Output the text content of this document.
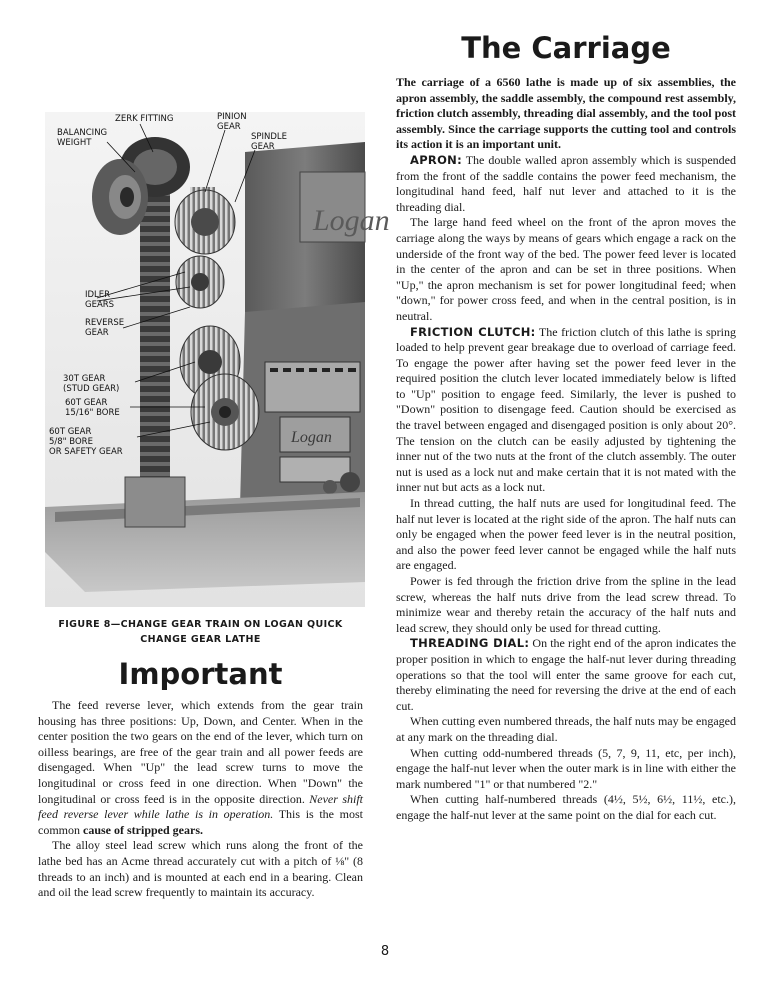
Logan
Logan
ZERK FITTING
BALANCING
WEIGHT
PINION
GEAR
SPINDLE
GEAR
IDLER
GEARS
REVERSE
GEAR
30T GEAR
(STUD GEAR)
60T GEAR
15/16" BORE
60T GEAR
5/8" BORE
OR SAFETY GEAR
FIGURE 8—CHANGE GEAR TRAIN ON LOGAN QUICK CHANGE GEAR LATHE
Important

The feed reverse lever, which extends from the gear train housing has three positions: Up, Down, and Center. When in the center position the two gears on the end of the lever, which turn on oilless bearings, are free of the gear train and all power feeds are disengaged. When "Up" the lead screw turns to move the longitudinal or cross feed in one direction. When "Down" the longitudinal or cross feed is in the opposite direction. Never shift feed reverse lever while lathe is in operation. This is the most common cause of stripped gears.

The alloy steel lead screw which runs along the front of the lathe bed has an Acme thread accurately cut with a pitch of ⅛" (8 threads to an inch) and is mounted at each end in a bearing. Clean and oil the lead screw frequently to maintain its accuracy.

The Carriage

The carriage of a 6560 lathe is made up of six assemblies, the apron assembly, the saddle assembly, the compound rest assembly, friction clutch assembly, threading dial assembly, and the tool post assembly. Since the carriage supports the cutting tool and controls its action it is an important unit.

APRON: The double walled apron assembly which is suspended from the front of the saddle contains the power feed mechanism, the longitudinal hand feed, half nut lever and attached to it is the threading dial.

The large hand feed wheel on the front of the apron moves the carriage along the ways by means of gears which engage a rack on the underside of the front way of the bed. The power feed lever is located in the center of the apron and can be set in three positions. When "Up," the apron mechanism is set for power longitudinal feed; when "down," for power cross feed, and when in the central position, is in neutral.

FRICTION CLUTCH: The friction clutch of this lathe is spring loaded to help prevent gear breakage due to overload of carriage feed. To engage the power after having set the power feed lever in the required position the clutch lever located immediately below is lifted to "Up" position to engage feed. Similarly, the lever is pushed to "Down" position to disengage feed. Caution should be exercised as the travel between engaged and disengaged position is only about 20°. The tension on the clutch can be easily adjusted by tightening the inner nut of the two nuts at the front of the clutch assembly. The outer nut is used as a lock nut and make certain that it is not mated with the inner nut but acts as a lock nut.

In thread cutting, the half nuts are used for longitudinal feed. The half nut lever is located at the right side of the apron. The half nuts can only be engaged when the power feed lever is in the neutral position, and also the power feed lever cannot be engaged while the half nuts are engaged.

Power is fed through the friction drive from the spline in the lead screw, whereas the half nuts drive from the lead screw thread. To minimize wear and thereby retain the accuracy of the half nuts and lead screw, they should only be used for thread cutting.

THREADING DIAL: On the right end of the apron indicates the proper position in which to engage the half-nut lever during threading operations so that the tool will enter the same groove for each cut, thereby eliminating the need for reversing the drive at the end of each cut.

When cutting even numbered threads, the half nuts may be engaged at any mark on the threading dial.

When cutting odd-numbered threads (5, 7, 9, 11, etc, per inch), engage the half-nut lever when the outer mark is in line with either the mark numbered "1" or that numbered "2."

When cutting half-numbered threads (4½, 5½, 6½, 11½, etc.), engage the half-nut lever at the same point on the dial for each cut.

8
